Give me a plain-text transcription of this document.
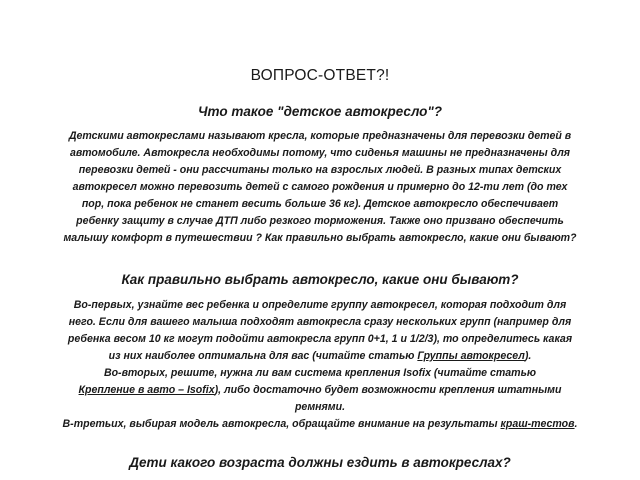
ВОПРОС-ОТВЕТ?!
Что такое "детское автокресло"?

Детскими автокреслами называют кресла, которые предназначены для перевозки детей в

автомобиле. Автокресла необходимы потому, что сиденья машины не предназначены для

перевозки детей - они рассчитаны только на взрослых людей. В разных типах детских

автокресел можно перевозить детей с самого рождения и примерно до 12-ти лет (до тех

пор, пока ребенок не станет весить больше 36 кг). Детское автокресло обеспечивает

ребенку защиту в случае ДТП либо резкого торможения. Также оно призвано обеспечить

малышу комфорт в путешествии ? Как правильно выбрать автокресло, какие они бывают?

Как правильно выбрать автокресло, какие они бывают?

Во-первых, узнайте вес ребенка и определите группу автокресел, которая подходит для

него. Если для вашего малыша подходят автокресла сразу нескольких групп (например для

ребенка весом 10 кг могут подойти автокресла групп 0+1, 1 и 1/2/3), то определитесь какая

из них наиболее оптимальна для вас (читайте статью Группы автокресел).

Во-вторых, решите, нужна ли вам система крепления Isofix (читайте статью

Крепление в авто – Isofix), либо достаточно будет возможности крепления штатными

ремнями.

В-третьих, выбирая модель автокресла, обращайте внимание на результаты краш-тестов.

Дети какого возраста должны ездить в автокреслах?
